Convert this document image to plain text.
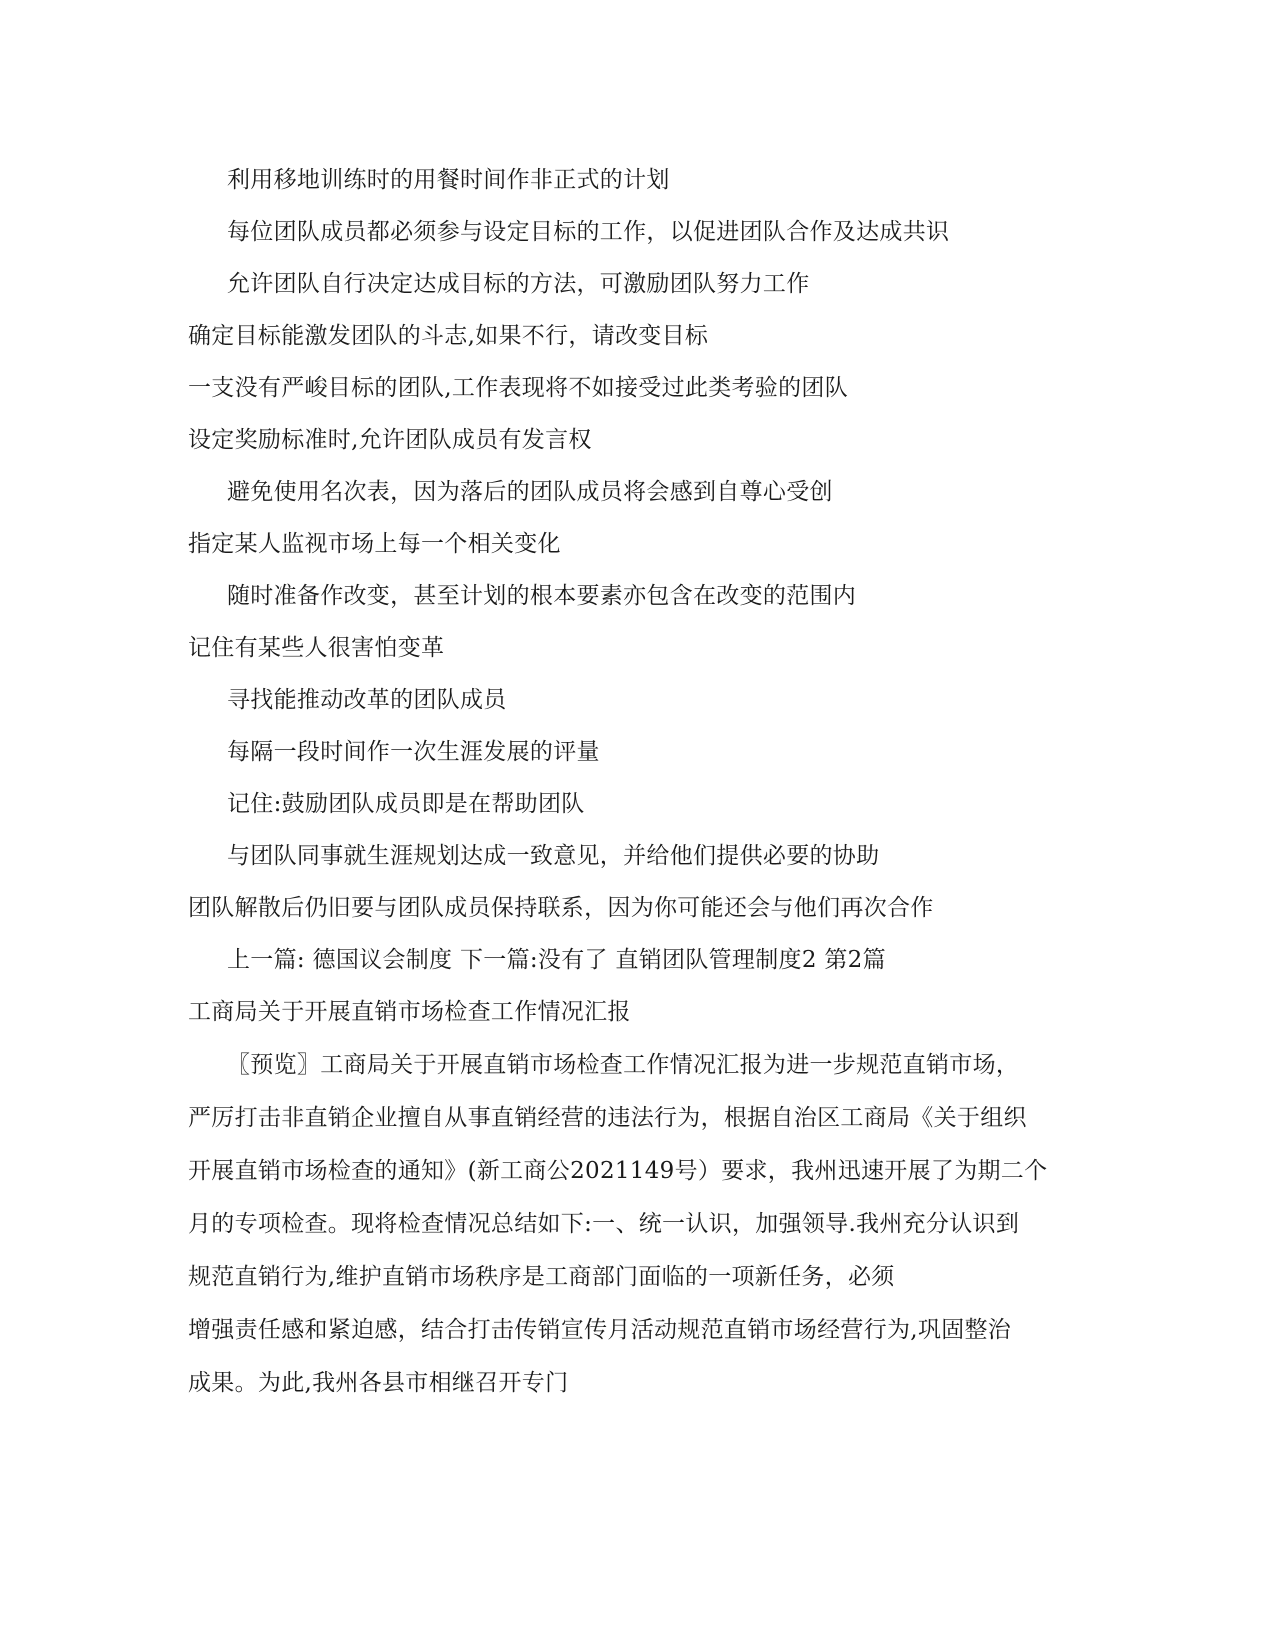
利用移地训练时的用餐时间作非正式的计划
每位团队成员都必须参与设定目标的工作，以促进团队合作及达成共识
允许团队自行决定达成目标的方法，可激励团队努力工作
确定目标能激发团队的斗志,如果不行，请改变目标
一支没有严峻目标的团队,工作表现将不如接受过此类考验的团队
设定奖励标准时,允许团队成员有发言权
避免使用名次表，因为落后的团队成员将会感到自尊心受创
指定某人监视市场上每一个相关变化
随时准备作改变，甚至计划的根本要素亦包含在改变的范围内
记住有某些人很害怕变革
寻找能推动改革的团队成员
每隔一段时间作一次生涯发展的评量
记住:鼓励团队成员即是在帮助团队
与团队同事就生涯规划达成一致意见，并给他们提供必要的协助
团队解散后仍旧要与团队成员保持联系，因为你可能还会与他们再次合作
上一篇: 德国议会制度 下一篇:没有了 直销团队管理制度2 第2篇
工商局关于开展直销市场检查工作情况汇报
〖预览〗工商局关于开展直销市场检查工作情况汇报为进一步规范直销市场，
严厉打击非直销企业擅自从事直销经营的违法行为，根据自治区工商局《关于组织
开展直销市场检查的通知》(新工商公2021149号）要求，我州迅速开展了为期二个
月的专项检查。现将检查情况总结如下:一、统一认识，加强领导.我州充分认识到
规范直销行为,维护直销市场秩序是工商部门面临的一项新任务，必须
增强责任感和紧迫感，结合打击传销宣传月活动规范直销市场经营行为,巩固整治
成果。为此,我州各县市相继召开专门
